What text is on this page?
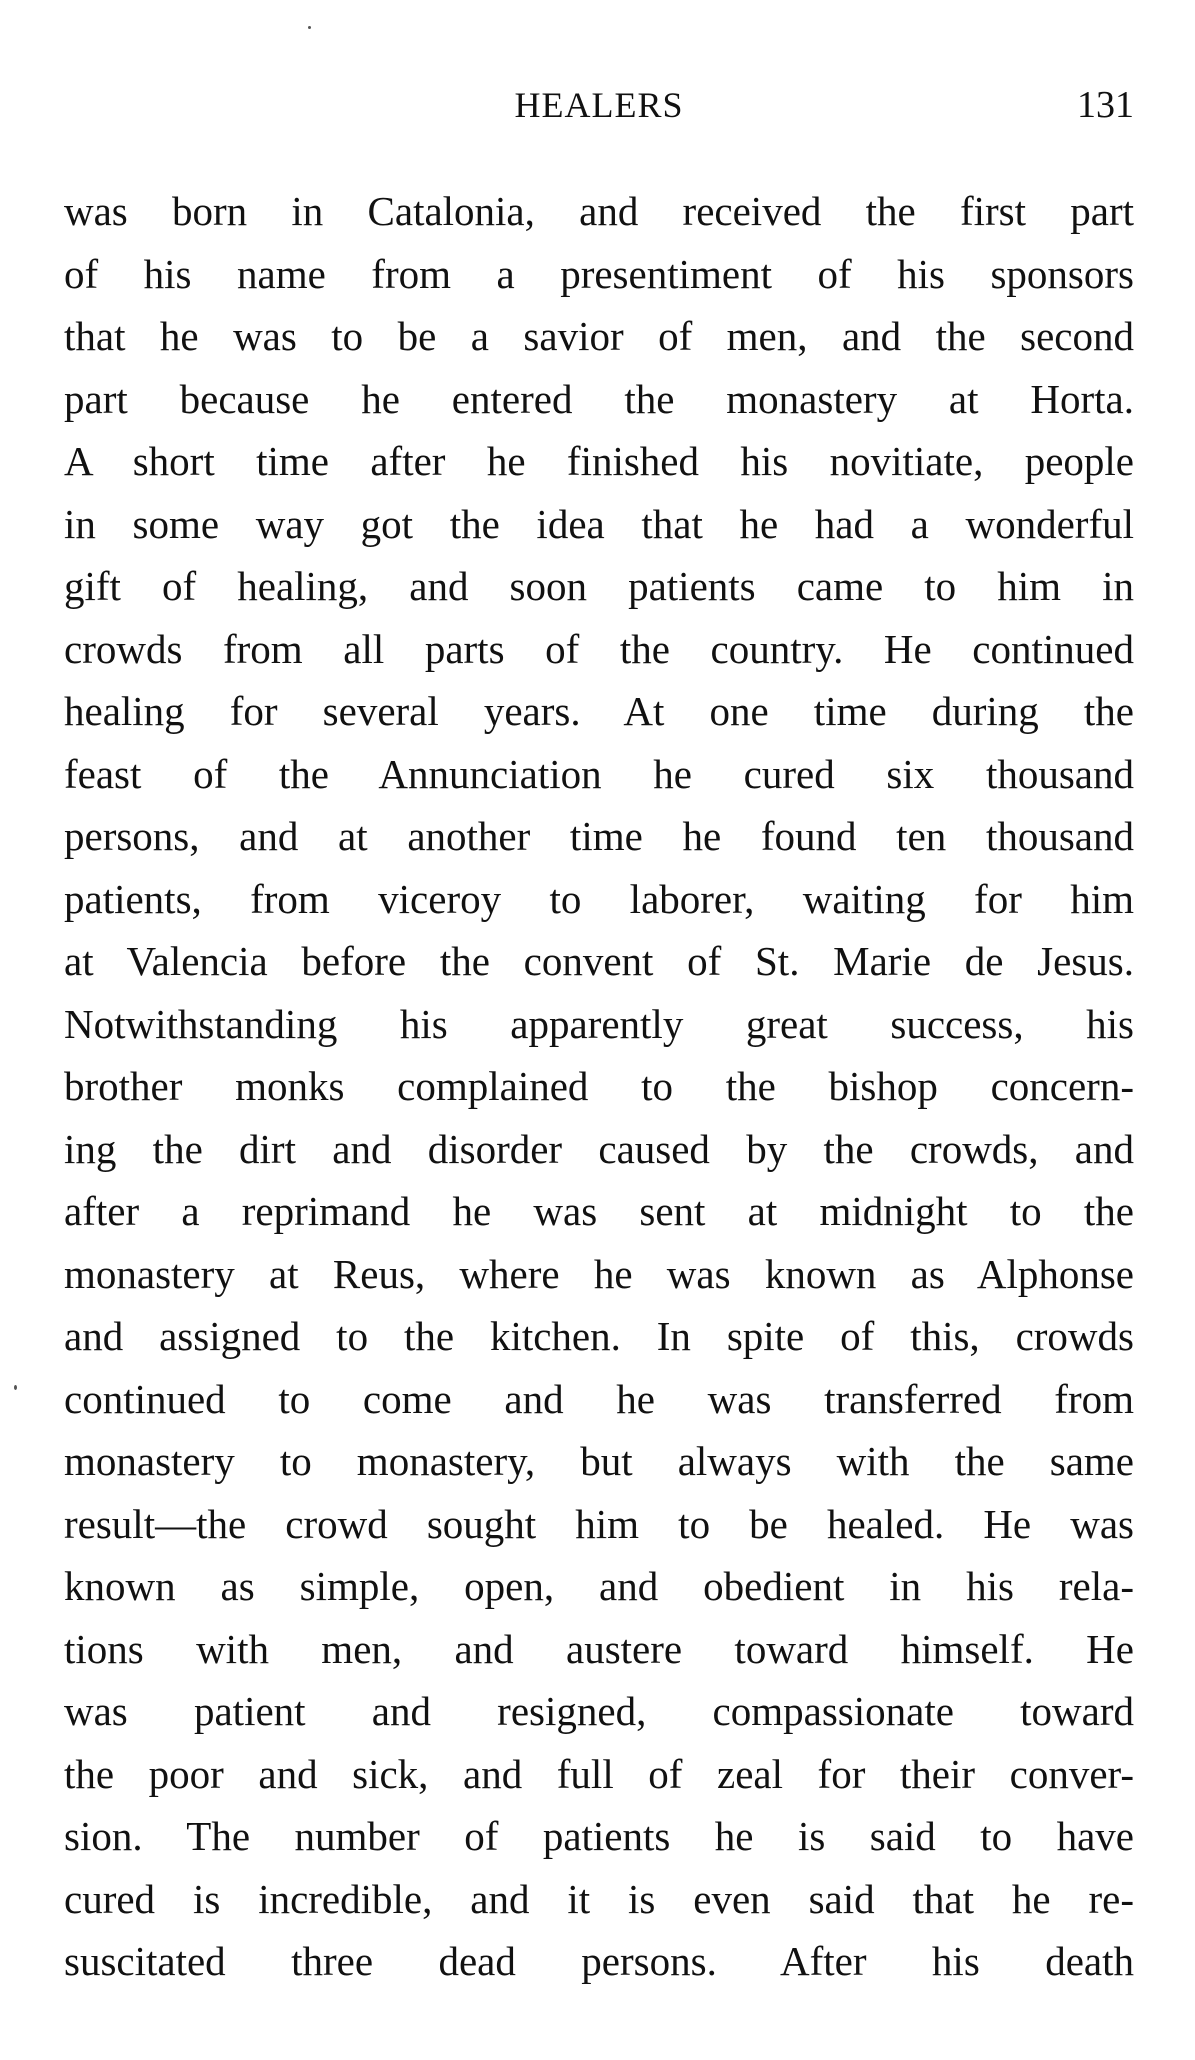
HEALERS	131
was born in Catalonia, and received the first part
of his name from a presentiment of his sponsors
that he was to be a savior of men, and the second
part because he entered the monastery at Horta.
A short time after he finished his novitiate, people
in some way got the idea that he had a wonderful
gift of healing, and soon patients came to him in
crowds from all parts of the country. He continued
healing for several years. At one time during the
feast of the Annunciation he cured six thousand
persons, and at another time he found ten thousand
patients, from viceroy to laborer, waiting for him
at Valencia before the convent of St. Marie de Jesus.
Notwithstanding his apparently great success, his
brother monks complained to the bishop concern-
ing the dirt and disorder caused by the crowds, and
after a reprimand he was sent at midnight to the
monastery at Reus, where he was known as Alphonse
and assigned to the kitchen. In spite of this, crowds
continued to come and he was transferred from
monastery to monastery, but always with the same
result—the crowd sought him to be healed. He was
known as simple, open, and obedient in his rela-
tions with men, and austere toward himself. He
was patient and resigned, compassionate toward
the poor and sick, and full of zeal for their conver-
sion. The number of patients he is said to have
cured is incredible, and it is even said that he re-
suscitated three dead persons. After his death
